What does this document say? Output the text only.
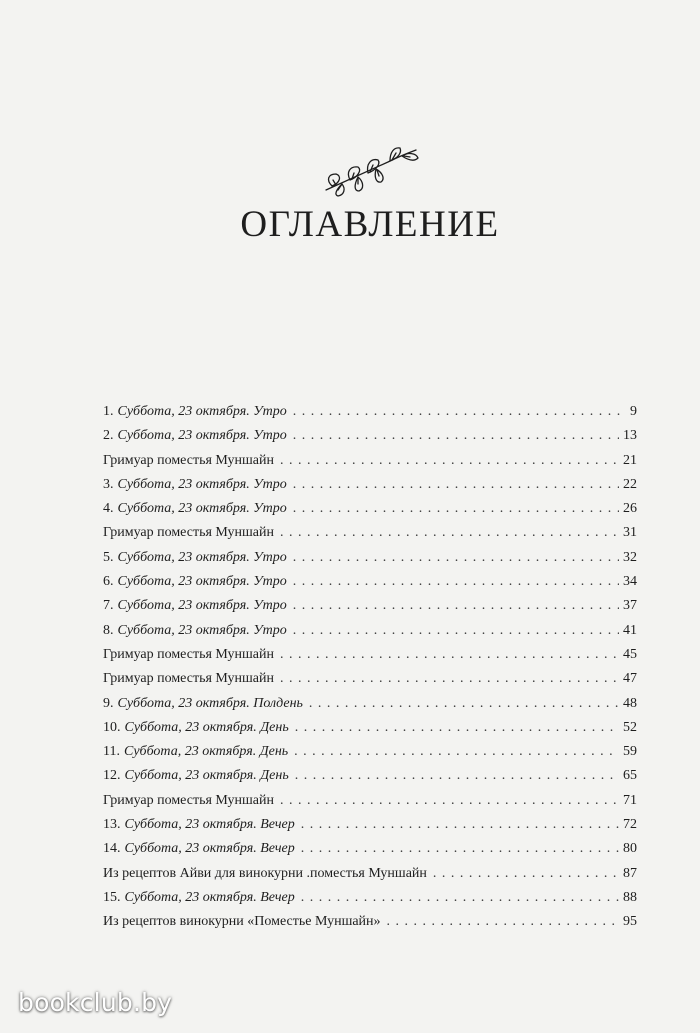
ОГЛАВЛЕНИЕ
1. Суббота, 23 октября. Утро . . .	9
2. Суббота, 23 октября. Утро . . .	13
Гримуар поместья Муншайн . . .	21
3. Суббота, 23 октября. Утро . . .	22
4. Суббота, 23 октября. Утро . . .	26
Гримуар поместья Муншайн . . .	31
5. Суббота, 23 октября. Утро . . .	32
6. Суббота, 23 октября. Утро . . .	34
7. Суббота, 23 октября. Утро . . .	37
8. Суббота, 23 октября. Утро . . .	41
Гримуар поместья Муншайн . . .	45
Гримуар поместья Муншайн . . .	47
9. Суббота, 23 октября. Полдень . . .	48
10. Суббота, 23 октября. День . . .	52
11. Суббота, 23 октября. День . . .	59
12. Суббота, 23 октября. День . . .	65
Гримуар поместья Муншайн . . .	71
13. Суббота, 23 октября. Вечер . . .	72
14. Суббота, 23 октября. Вечер . . .	80
Из рецептов Айви для винокурни .поместья Муншайн . . .	87
15. Суббота, 23 октября. Вечер . . .	88
Из рецептов винокурни «Поместье Муншайн» . . .	95
bookclub.by
